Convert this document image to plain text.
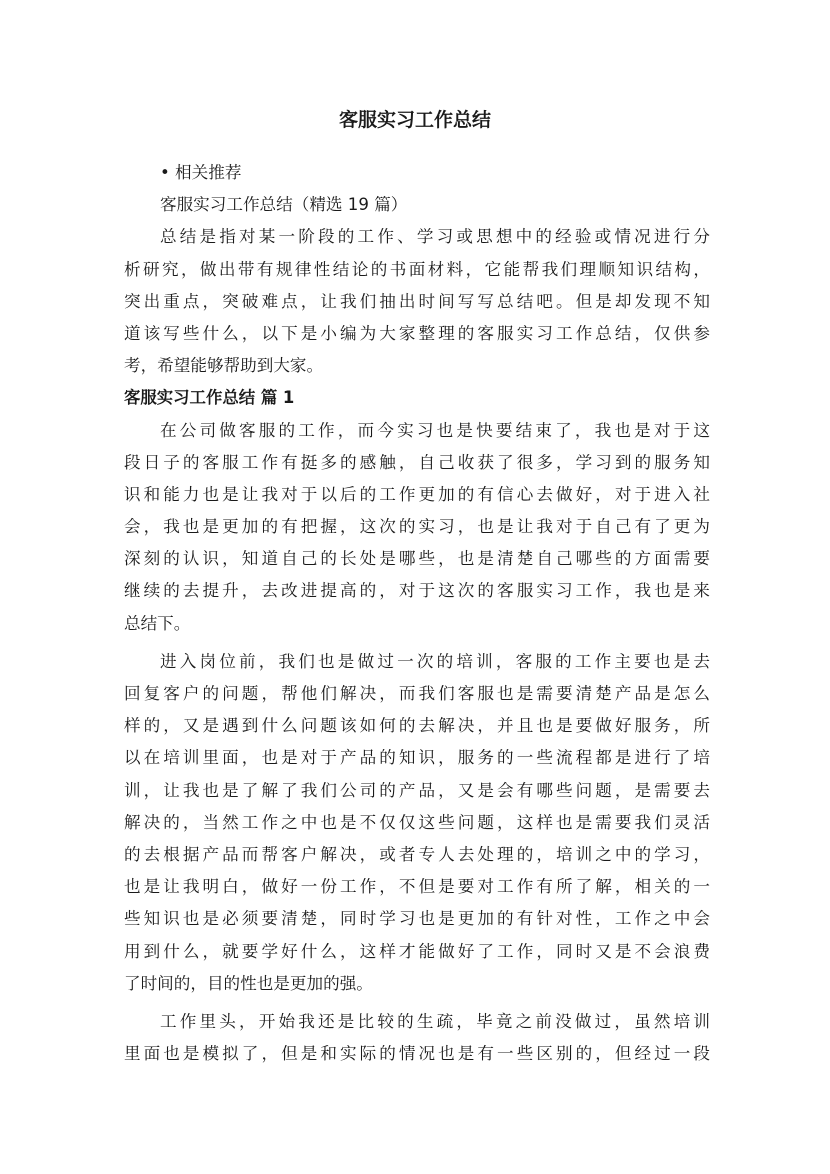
客服实习工作总结
• 相关推荐
客服实习工作总结（精选 19 篇）
总结是指对某一阶段的工作、学习或思想中的经验或情况进行分
析研究，做出带有规律性结论的书面材料，它能帮我们理顺知识结构，
突出重点，突破难点，让我们抽出时间写写总结吧。但是却发现不知
道该写些什么，以下是小编为大家整理的客服实习工作总结，仅供参
考，希望能够帮助到大家。
客服实习工作总结 篇 1
在公司做客服的工作，而今实习也是快要结束了，我也是对于这
段日子的客服工作有挺多的感触，自己收获了很多，学习到的服务知
识和能力也是让我对于以后的工作更加的有信心去做好，对于进入社
会，我也是更加的有把握，这次的实习，也是让我对于自己有了更为
深刻的认识，知道自己的长处是哪些，也是清楚自己哪些的方面需要
继续的去提升，去改进提高的，对于这次的客服实习工作，我也是来
总结下。
进入岗位前，我们也是做过一次的培训，客服的工作主要也是去
回复客户的问题，帮他们解决，而我们客服也是需要清楚产品是怎么
样的，又是遇到什么问题该如何的去解决，并且也是要做好服务，所
以在培训里面，也是对于产品的知识，服务的一些流程都是进行了培
训，让我也是了解了我们公司的产品，又是会有哪些问题，是需要去
解决的，当然工作之中也是不仅仅这些问题，这样也是需要我们灵活
的去根据产品而帮客户解决，或者专人去处理的，培训之中的学习，
也是让我明白，做好一份工作，不但是要对工作有所了解，相关的一
些知识也是必须要清楚，同时学习也是更加的有针对性，工作之中会
用到什么，就要学好什么，这样才能做好了工作，同时又是不会浪费
了时间的，目的性也是更加的强。
工作里头，开始我还是比较的生疏，毕竟之前没做过，虽然培训
里面也是模拟了，但是和实际的情况也是有一些区别的，但经过一段
